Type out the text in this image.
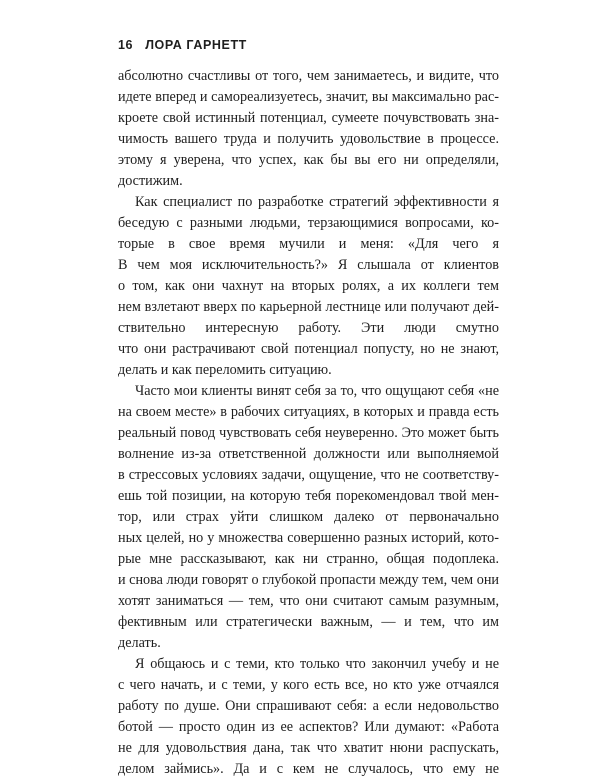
16 ЛОРА ГАРНЕТТ
абсолютно счастливы от того, чем занимаетесь, и видите, что
идете вперед и самореализуетесь, значит, вы максимально рас-
кроете свой истинный потенциал, сумеете почувствовать зна-
чимость вашего труда и получить удовольствие в процессе.
этому я уверена, что успех, как бы вы его ни определяли,
достижим.
Как специалист по разработке стратегий эффективности я
беседую с разными людьми, терзающимися вопросами, ко-
торые в свое время мучили и меня: «Для чего я
В чем моя исключительность?» Я слышала от клиентов
о том, как они чахнут на вторых ролях, а их коллеги тем
нем взлетают вверх по карьерной лестнице или получают дей-
ствительно интересную работу. Эти люди смутно
что они растрачивают свой потенциал попусту, но не знают,
делать и как переломить ситуацию.
Часто мои клиенты винят себя за то, что ощущают себя «не
на своем месте» в рабочих ситуациях, в которых и правда есть
реальный повод чувствовать себя неуверенно. Это может быть
волнение из-за ответственной должности или выполняемой
в стрессовых условиях задачи, ощущение, что не соответству-
ешь той позиции, на которую тебя порекомендовал твой мен-
тор, или страх уйти слишком далеко от первоначально
ных целей, но у множества совершенно разных историй, кото-
рые мне рассказывают, как ни странно, общая подоплека.
и снова люди говорят о глубокой пропасти между тем, чем они
хотят заниматься — тем, что они считают самым разумным,
фективным или стратегически важным, — и тем, что им
делать.
Я общаюсь и с теми, кто только что закончил учебу и не
с чего начать, и с теми, у кого есть все, но кто уже отчаялся
работу по душе. Они спрашивают себя: а если недовольство
ботой — просто один из ее аспектов? Или думают: «Работа
не для удовольствия дана, так что хватит нюни распускать,
делом займись». Да и с кем не случалось, что ему не
